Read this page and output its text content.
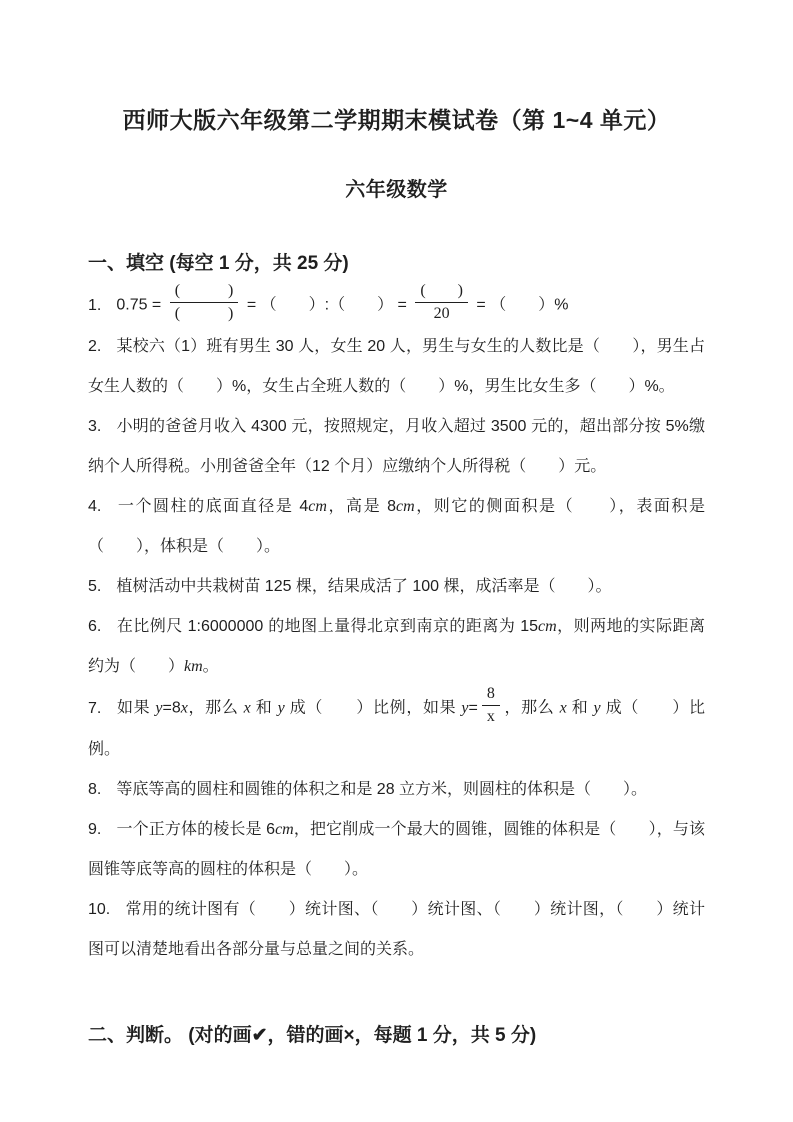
西师大版六年级第二学期期末模试卷（第 1~4 单元）
六年级数学
一、填空 (每空 1 分，共 25 分)

1. $0.75 = \frac{( )}{( )}$ = （　　）:（　　） = $\frac{( )}{20}$ = （　　）%

2. 某校六（1）班有男生 30 人，女生 20 人，男生与女生的人数比是（　　），男生占女生人数的（　　）%，女生占全班人数的（　　）%，男生比女生多（　　）%。

3. 小明的爸爸月收入 4300 元，按照规定，月收入超过 3500 元的，超出部分按 5%缴纳个人所得税。小刖爸爸全年（12 个月）应缴纳个人所得税（　　）元。

4. 一个圆柱的底面直径是 4cm，高是 8cm，则它的侧面积是（　　），表面积是（　　），体积是（　　）。

5. 植树活动中共栽树苗 125 棵，结果成活了 100 棵，成活率是（　　）。

6. 在比例尺 1:6000000 的地图上量得北京到南京的距离为 15cm，则两地的实际距离约为（　　）km。

7. 如果 y=8x，那么 x 和 y 成（　　）比例，如果 $y= \frac{8}{x}$ ，那么 x 和 y 成（　　）比例。

8. 等底等高的圆柱和圆锥的体积之和是 28 立方米，则圆柱的体积是（　　）。

9. 一个正方体的棱长是 6cm，把它削成一个最大的圆锥，圆锥的体积是（　　），与该圆锥等底等高的圆柱的体积是（　　）。

10. 常用的统计图有（　　）统计图、（　　）统计图、（　　）统计图，（　　）统计图可以清楚地看出各部分量与总量之间的关系。

二、判断。 (对的画✔，错的画×，每题 1 分，共 5 分)
